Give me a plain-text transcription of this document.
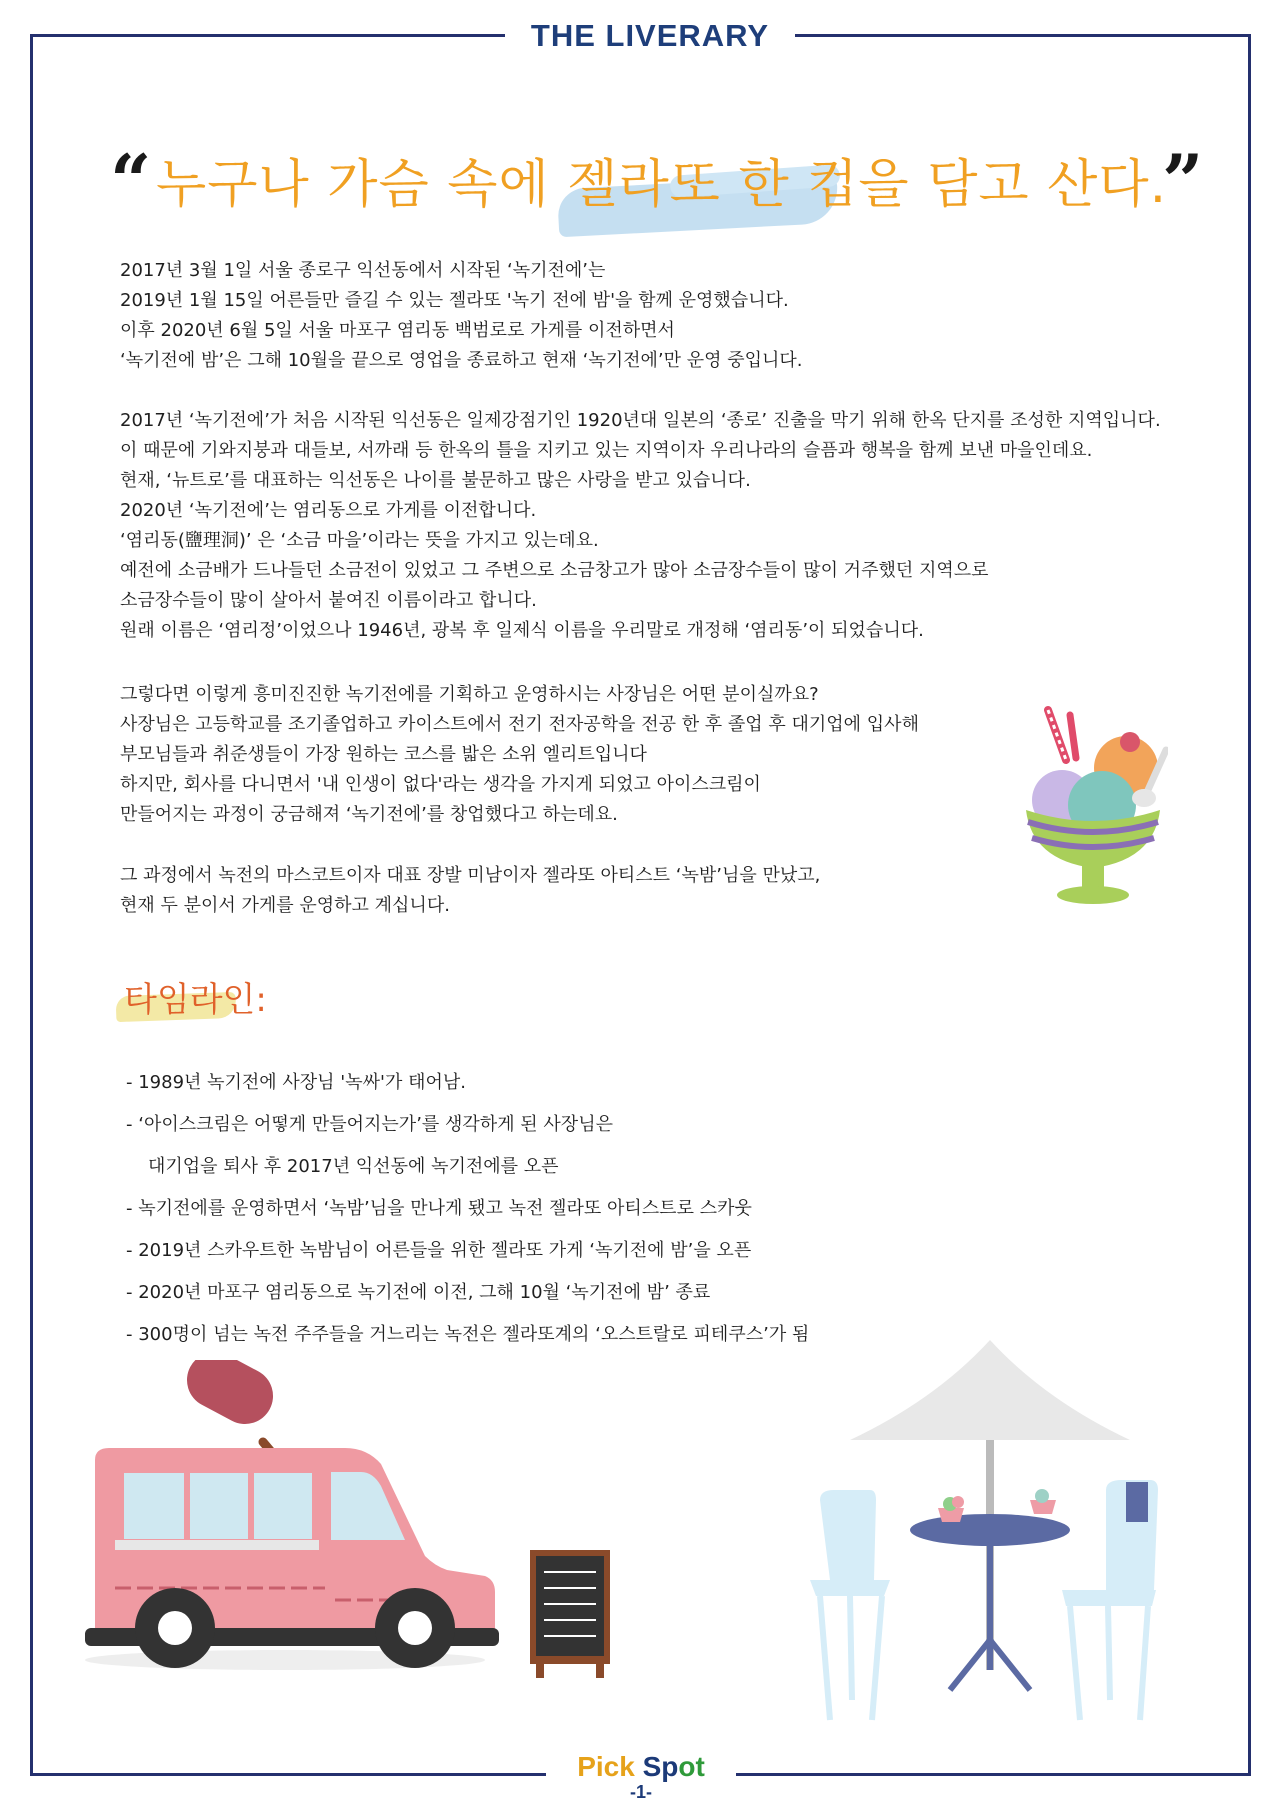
THE LIVERARY
“ 누구나 가슴 속에 젤라또 한 컵을 담고 산다.
”

2017년 3월 1일 서울 종로구 익선동에서 시작된 ‘녹기전에’는

2019년 1월 15일 어른들만 즐길 수 있는 젤라또 '녹기 전에 밤'을 함께 운영했습니다.

이후 2020년 6월 5일 서울 마포구 염리동 백범로로 가게를 이전하면서

‘녹기전에 밤’은 그해 10월을 끝으로 영업을 종료하고 현재 ‘녹기전에’만 운영 중입니다.

2017년 ‘녹기전에’가 처음 시작된 익선동은 일제강점기인 1920년대 일본의 ‘종로’ 진출을 막기 위해 한옥 단지를 조성한 지역입니다.

이 때문에 기와지붕과 대들보, 서까래 등 한옥의 틀을 지키고 있는 지역이자 우리나라의 슬픔과 행복을 함께 보낸 마을인데요.

현재, ‘뉴트로’를 대표하는 익선동은 나이를 불문하고 많은 사랑을 받고 있습니다.

2020년 ‘녹기전에’는 염리동으로 가게를 이전합니다.

‘염리동(鹽理洞)’ 은 ‘소금 마을’이라는 뜻을 가지고 있는데요.

예전에 소금배가 드나들던 소금전이 있었고 그 주변으로 소금창고가 많아 소금장수들이 많이 거주했던 지역으로

소금장수들이 많이 살아서 붙여진 이름이라고 합니다.

원래 이름은 ‘염리정’이었으나 1946년, 광복 후 일제식 이름을 우리말로 개정해 ‘염리동’이 되었습니다.

그렇다면 이렇게 흥미진진한 녹기전에를 기획하고 운영하시는 사장님은 어떤 분이실까요?

사장님은 고등학교를 조기졸업하고 카이스트에서 전기 전자공학을 전공 한 후 졸업 후 대기업에 입사해

부모님들과 취준생들이 가장 원하는 코스를 밟은 소위 엘리트입니다

하지만, 회사를 다니면서 '내 인생이 없다'라는 생각을 가지게 되었고 아이스크림이

만들어지는 과정이 궁금해져 ‘녹기전에’를 창업했다고 하는데요.

그 과정에서 녹전의 마스코트이자 대표 장발 미남이자 젤라또 아티스트 ‘녹밤’님을 만났고,

현재 두 분이서 가게를 운영하고 계십니다.

타임라인:
- 1989년 녹기전에 사장님 '녹싸'가 태어남.
- ‘아이스크림은 어떻게 만들어지는가’를 생각하게 된 사장님은
대기업을 퇴사 후 2017년 익선동에 녹기전에를 오픈
- 녹기전에를 운영하면서 ‘녹밤’님을 만나게 됐고 녹전 젤라또 아티스트로 스카웃
- 2019년 스카우트한 녹밤님이 어른들을 위한 젤라또 가게 ‘녹기전에 밤’을 오픈
- 2020년 마포구 염리동으로 녹기전에 이전, 그해 10월 ‘녹기전에 밤’ 종료
- 300명이 넘는 녹전 주주들을 거느리는 녹전은 젤라또계의 ‘오스트랄로 피테쿠스’가 됨
Pick Spot
-1-
